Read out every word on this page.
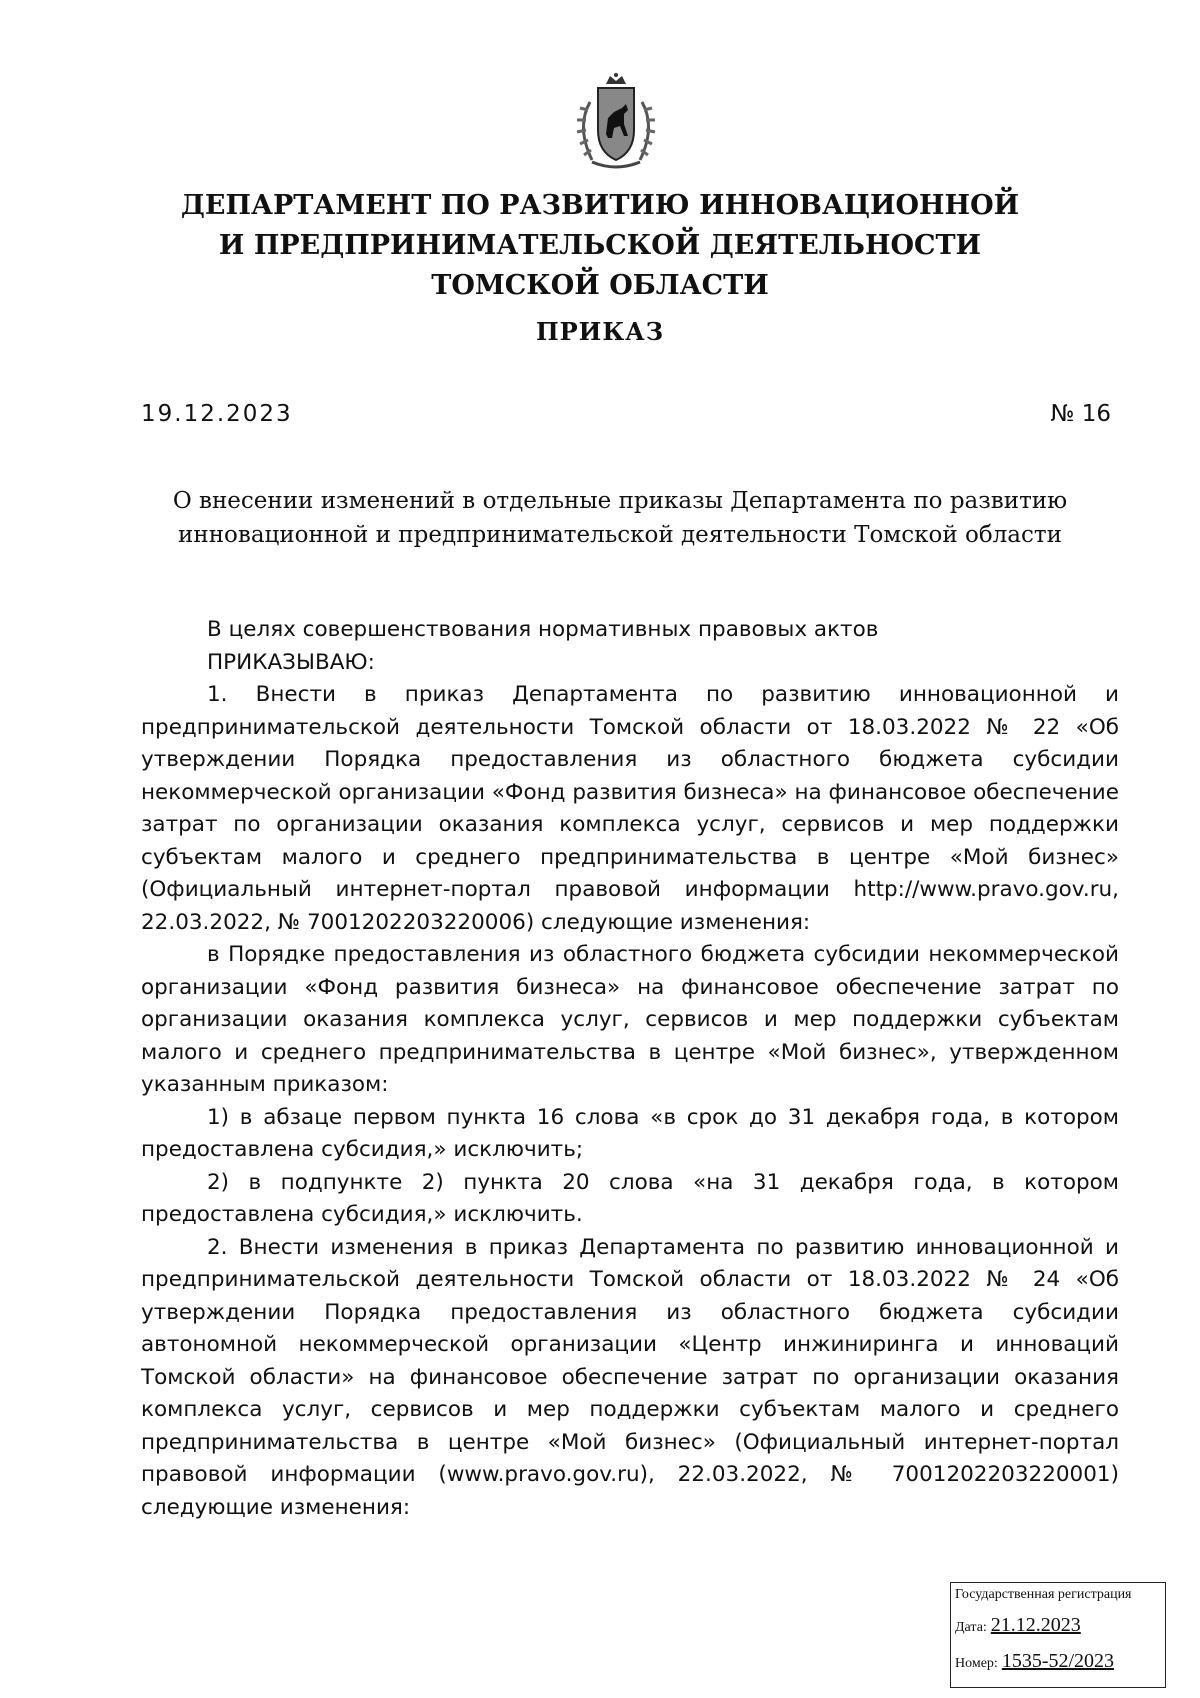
ДЕПАРТАМЕНТ ПО РАЗВИТИЮ ИННОВАЦИОННОЙ
И ПРЕДПРИНИМАТЕЛЬСКОЙ ДЕЯТЕЛЬНОСТИ
ТОМСКОЙ ОБЛАСТИ
ПРИКАЗ
19.12.2023	№ 16
О внесении изменений в отдельные приказы Департамента по развитию
инновационной и предпринимательской деятельности Томской области

В целях совершенствования нормативных правовых актов

ПРИКАЗЫВАЮ:

1. Внести в приказ Департамента по развитию инновационной и предпринимательской деятельности Томской области от 18.03.2022 № 22 «Об утверждении Порядка предоставления из областного бюджета субсидии некоммерческой организации «Фонд развития бизнеса» на финансовое обеспечение затрат по организации оказания комплекса услуг, сервисов и мер поддержки субъектам малого и среднего предпринимательства в центре «Мой бизнес» (Официальный интернет-портал правовой информации http://www.pravo.gov.ru, 22.03.2022, № 7001202203220006) следующие изменения:

в Порядке предоставления из областного бюджета субсидии некоммерческой организации «Фонд развития бизнеса» на финансовое обеспечение затрат по организации оказания комплекса услуг, сервисов и мер поддержки субъектам малого и среднего предпринимательства в центре «Мой бизнес», утвержденном указанным приказом:

1) в абзаце первом пункта 16 слова «в срок до 31 декабря года, в котором предоставлена субсидия,» исключить;

2) в подпункте 2) пункта 20 слова «на 31 декабря года, в котором предоставлена субсидия,» исключить.

2. Внести изменения в приказ Департамента по развитию инновационной и предпринимательской деятельности Томской области от 18.03.2022 № 24 «Об утверждении Порядка предоставления из областного бюджета субсидии автономной некоммерческой организации «Центр инжиниринга и инноваций Томской области» на финансовое обеспечение затрат по организации оказания комплекса услуг, сервисов и мер поддержки субъектам малого и среднего предпринимательства в центре «Мой бизнес» (Официальный интернет-портал правовой информации (www.pravo.gov.ru), 22.03.2022, № 7001202203220001) следующие изменения:

Государственная регистрация
Дата: 21.12.2023
Номер: 1535-52/2023
